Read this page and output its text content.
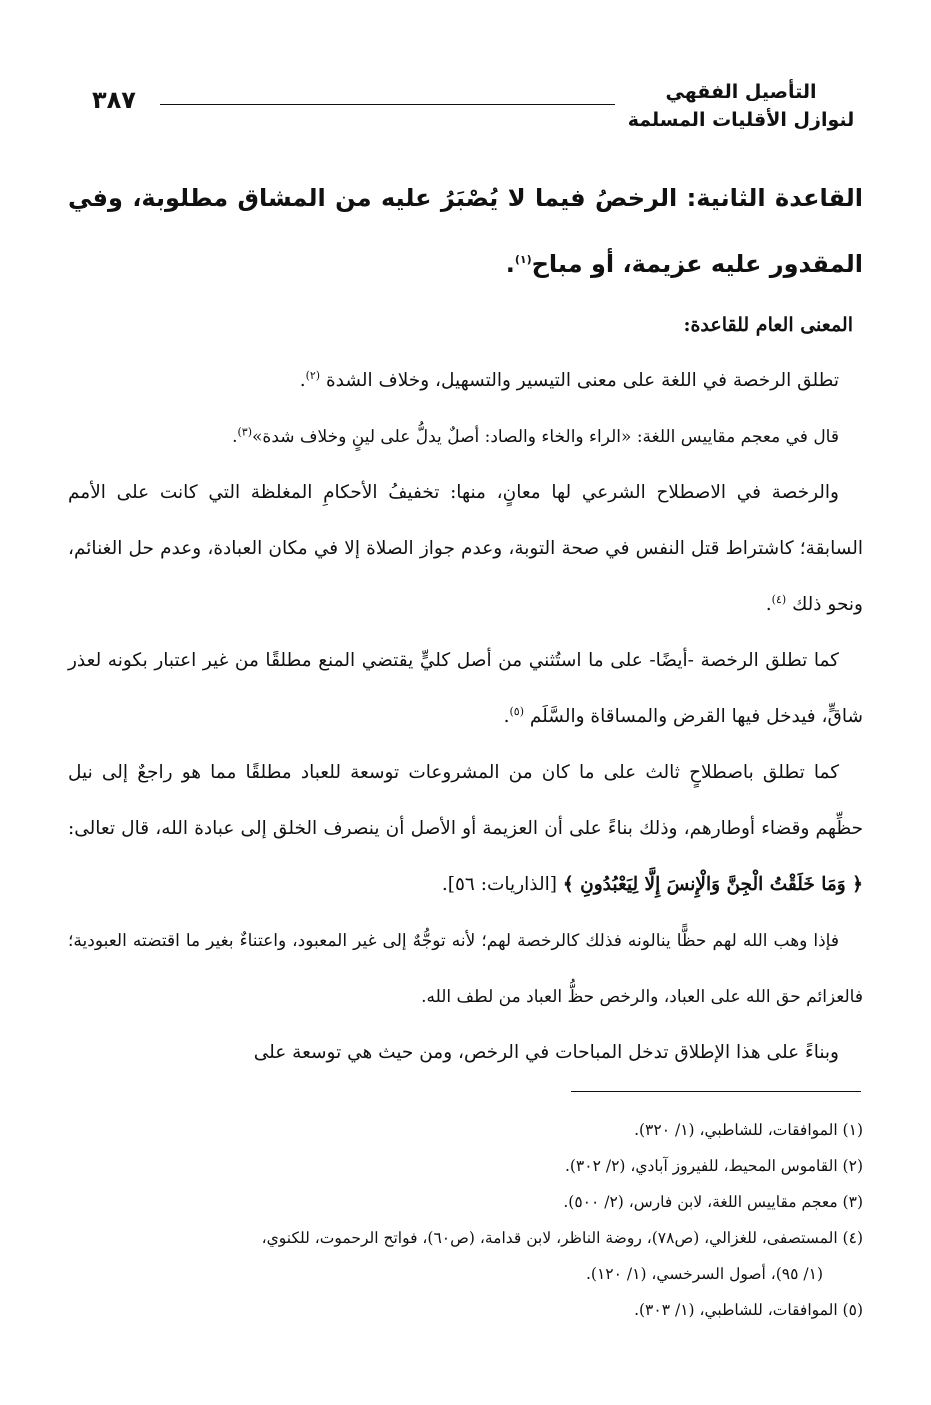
التأصيل الفقهي
لنوازل الأقليات المسلمة
٣٨٧

القاعدة الثانية: الرخصُ فيما لا يُصْبَرُ عليه من المشاق مطلوبة، وفي المقدور عليه عزيمة، أو مباح$^{(١)}$.

المعنى العام للقاعدة:

تطلق الرخصة في اللغة على معنى التيسير والتسهيل، وخلاف الشدة $^{(٢)}$.

قال في معجم مقاييس اللغة: «الراء والخاء والصاد: أصلٌ يدلُّ على لينٍ وخلاف شدة»$^{(٣)}$.

والرخصة في الاصطلاح الشرعي لها معانٍ، منها: تخفيفُ الأحكامِ المغلظة التي كانت على الأمم السابقة؛ كاشتراط قتل النفس في صحة التوبة، وعدم جواز الصلاة إلا في مكان العبادة، وعدم حل الغنائم، ونحو ذلك $^{(٤)}$.

كما تطلق الرخصة -أيضًا- على ما استُثني من أصل كليٍّ يقتضي المنع مطلقًا من غير اعتبار بكونه لعذر شاقٍّ، فيدخل فيها القرض والمساقاة والسَّلَم $^{(٥)}$.

كما تطلق باصطلاحٍ ثالث على ما كان من المشروعات توسعة للعباد مطلقًا مما هو راجعٌ إلى نيل حظِّهم وقضاء أوطارهم، وذلك بناءً على أن العزيمة أو الأصل أن ينصرف الخلق إلى عبادة الله، قال تعالى: ﴿ وَمَا خَلَقْتُ الْجِنَّ وَالْإِنسَ إِلَّا لِيَعْبُدُونِ ﴾ [الذاريات: ٥٦].

فإذا وهب الله لهم حظًّا ينالونه فذلك كالرخصة لهم؛ لأنه توجُّهٌ إلى غير المعبود، واعتناءٌ بغير ما اقتضته العبودية؛ فالعزائم حق الله على العباد، والرخص حظُّ العباد من لطف الله.

وبناءً على هذا الإطلاق تدخل المباحات في الرخص، ومن حيث هي توسعة على

(١) الموافقات، للشاطبي، (١/ ٣٢٠).

(٢) القاموس المحيط، للفيروز آبادي، (٢/ ٣٠٢).

(٣) معجم مقاييس اللغة، لابن فارس، (٢/ ٥٠٠).

(٤) المستصفى، للغزالي، (ص٧٨)، روضة الناظر، لابن قدامة، (ص٦٠)، فواتح الرحموت، للكنوي،

(١/ ٩٥)، أصول السرخسي، (١/ ١٢٠).

(٥) الموافقات، للشاطبي، (١/ ٣٠٣).
